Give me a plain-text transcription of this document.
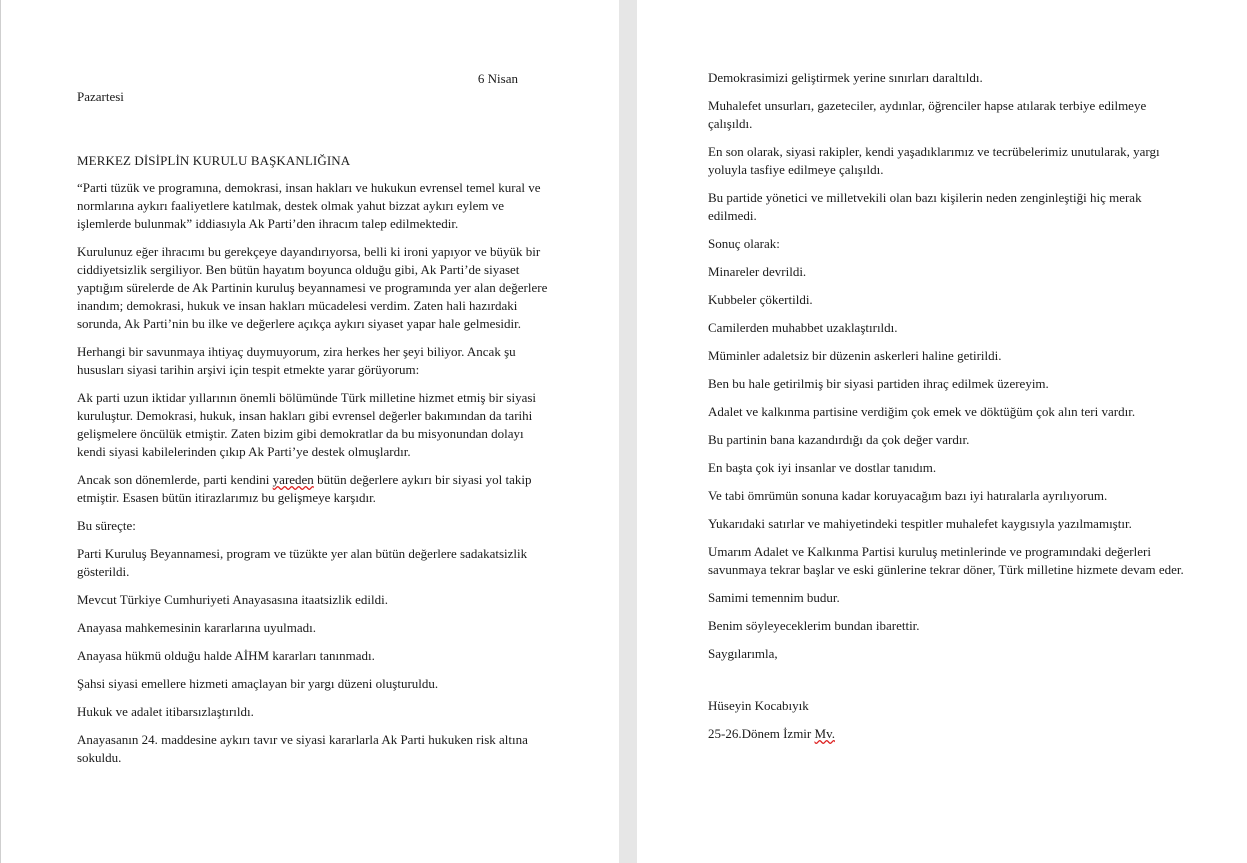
6 Nisan

Pazartesi

MERKEZ DİSİPLİN KURULU BAŞKANLIĞINA

“Parti tüzük ve programına, demokrasi, insan hakları ve hukukun evrensel temel kural ve normlarına aykırı faaliyetlere katılmak, destek olmak yahut bizzat aykırı eylem ve işlemlerde bulunmak” iddiasıyla Ak Parti’den ihracım talep edilmektedir.

Kurulunuz eğer ihracımı bu gerekçeye dayandırıyorsa, belli ki ironi yapıyor ve büyük bir ciddiyetsizlik sergiliyor. Ben bütün hayatım boyunca olduğu gibi, Ak Parti’de siyaset yaptığım sürelerde de Ak Partinin kuruluş beyannamesi ve programında yer alan değerlere inandım; demokrasi, hukuk ve insan hakları mücadelesi verdim. Zaten hali hazırdaki sorunda, Ak Parti’nin bu ilke ve değerlere açıkça aykırı siyaset yapar hale gelmesidir.

Herhangi bir savunmaya ihtiyaç duymuyorum, zira herkes her şeyi biliyor. Ancak şu hususları siyasi tarihin arşivi için tespit etmekte yarar görüyorum:

Ak parti uzun iktidar yıllarının önemli bölümünde Türk milletine hizmet etmiş bir siyasi kuruluştur. Demokrasi, hukuk, insan hakları gibi evrensel değerler bakımından da tarihi gelişmelere öncülük etmiştir. Zaten bizim gibi demokratlar da bu misyonundan dolayı kendi siyasi kabilelerinden çıkıp Ak Parti’ye destek olmuşlardır.

Ancak son dönemlerde, parti kendini yareden bütün değerlere aykırı bir siyasi yol takip etmiştir. Esasen bütün itirazlarımız bu gelişmeye karşıdır.

Bu süreçte:

Parti Kuruluş Beyannamesi, program ve tüzükte yer alan bütün değerlere sadakatsizlik gösterildi.

Mevcut Türkiye Cumhuriyeti Anayasasına itaatsizlik edildi.

Anayasa mahkemesinin kararlarına uyulmadı.

Anayasa hükmü olduğu halde AİHM kararları tanınmadı.

Şahsi siyasi emellere hizmeti amaçlayan bir yargı düzeni oluşturuldu.

Hukuk ve adalet itibarsızlaştırıldı.

Anayasanın 24. maddesine aykırı tavır ve siyasi kararlarla Ak Parti hukuken risk altına sokuldu.

Demokrasimizi geliştirmek yerine sınırları daraltıldı.

Muhalefet unsurları, gazeteciler, aydınlar, öğrenciler hapse atılarak terbiye edilmeye çalışıldı.

En son olarak, siyasi rakipler, kendi yaşadıklarımız ve tecrübelerimiz unutularak, yargı yoluyla tasfiye edilmeye çalışıldı.

Bu partide yönetici ve milletvekili olan bazı kişilerin neden zenginleştiği hiç merak edilmedi.

Sonuç olarak:

Minareler devrildi.

Kubbeler çökertildi.

Camilerden muhabbet uzaklaştırıldı.

Müminler adaletsiz bir düzenin askerleri haline getirildi.

Ben bu hale getirilmiş bir siyasi partiden ihraç edilmek üzereyim.

Adalet ve kalkınma partisine verdiğim çok emek ve döktüğüm çok alın teri vardır.

Bu partinin bana kazandırdığı da çok değer vardır.

En başta çok iyi insanlar ve dostlar tanıdım.

Ve tabi ömrümün sonuna kadar koruyacağım bazı iyi hatıralarla ayrılıyorum.

Yukarıdaki satırlar ve mahiyetindeki tespitler muhalefet kaygısıyla yazılmamıştır.

Umarım Adalet ve Kalkınma Partisi kuruluş metinlerinde ve programındaki değerleri savunmaya tekrar başlar ve eski günlerine tekrar döner, Türk milletine hizmete devam eder.

Samimi temennim budur.

Benim söyleyeceklerim bundan ibarettir.

Saygılarımla,

Hüseyin Kocabıyık

25-26.Dönem İzmir Mv.
